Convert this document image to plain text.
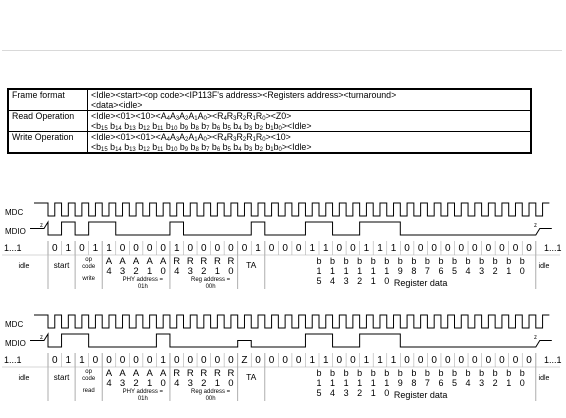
Frame format	<Idle><start><op code><IP113F's address><Registers address><turnaround>
<data><idle>

Read Operation	$<Idle><01><10><A_4A_3A_2A_1A_0><R_4R_3R_2R_1R_0><Z0>$
$<b_{15}$ $b_{14}$ $b_{13}$ $b_{12}$ $b_{11}$ $b_{10}$ $b_9$ $b_8$ $b_7$ $b_6$ $b_5$ $b_4$ $b_3$ $b_2$ $b_1b_0><Idle>$

Write Operation	$<Idle><01><01><A_4A_3A_2A_1A_0><R_4R_3R_2R_1R_0><10>$
$<b_{15}$ $b_{14}$ $b_{13}$ $b_{12}$ $b_{11}$ $b_{10}$ $b_9$ $b_8$ $b_7$ $b_6$ $b_5$ $b_4$ $b_3$ $b_2$ $b_1b_0><Idle>$
MDC
MDIO
z	z
1...1	1...1
0 1 0 1 1 0 0 0 0 1 0 0 0 0 0 1 0 0 0 1 1 0 0 1 1 1 0 0 0 0 0 0 0 0 0 0
idle	start
op code
write
TA	idle
A
4
A
3
A
2
A
1
A
0
PHY address = 01h
R
4
R
3
R
2
R
1
R
0
Reg address = 00h
b
1
5
b
1
4
b
1
3
b
1
2
b
1
1
b
1
0
b
9
b
8
b
7
b
6
b
5
b
4
b
3
b
2
b
1
b
0
Register data
MDC
MDIO
z	z
1...1	1...1
0 1 1 0 0 0 0 0 1 0 0 0 0 0 Z 0 0 0 0 1 1 0 0 1 1 1 0 0 0 0 0 0 0 0 0 0
idle	start
op code
read
TA	idle
A
4
A
3
A
2
A
1
A
0
PHY address = 01h
R
4
R
3
R
2
R
1
R
0
Reg address = 00h
b
1
5
b
1
4
b
1
3
b
1
2
b
1
1
b
1
0
b
9
b
8
b
7
b
6
b
5
b
4
b
3
b
2
b
1
b
0
Register data
